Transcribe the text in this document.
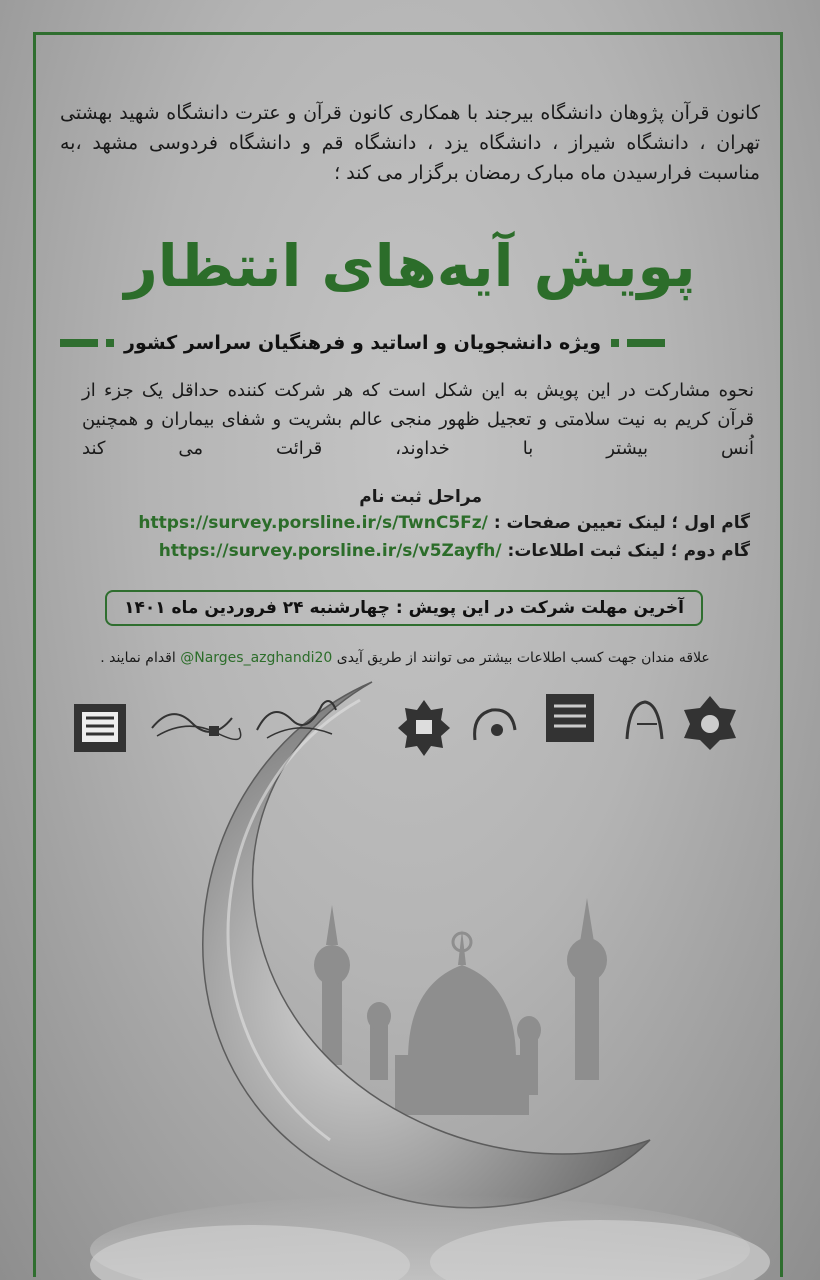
کانون قرآن پژوهان دانشگاه بیرجند با همکاری کانون قرآن و عترت دانشگاه شهید بهشتی تهران ، دانشگاه شیراز ، دانشگاه یزد ، دانشگاه قم و دانشگاه فردوسی مشهد ،به مناسبت فرارسیدن ماه مبارک رمضان برگزار می کند ؛
پویش آیه‌های انتظار
ویژه دانشجویان و اساتید و فرهنگیان سراسر کشور
نحوه مشارکت در این پویش به این شکل است که هر شرکت کننده حداقل یک جزء از قرآن کریم به نیت سلامتی و تعجیل ظهور منجی عالم بشریت و شفای بیماران و همچنین اُنس بیشتر با خداوند، قرائت می کند
مراحل ثبت نام
گام اول ؛ لینک تعیین صفحات : https://survey.porsline.ir/s/TwnC5Fz/
گام دوم ؛ لینک ثبت اطلاعات: https://survey.porsline.ir/s/v5Zayfh/
آخرین مهلت شرکت در این پویش : چهارشنبه ۲۴ فروردین ماه ۱۴۰۱
علاقه مندان جهت کسب اطلاعات بیشتر می توانند از طریق آیدی @Narges_azghandi20 اقدام نمایند .
